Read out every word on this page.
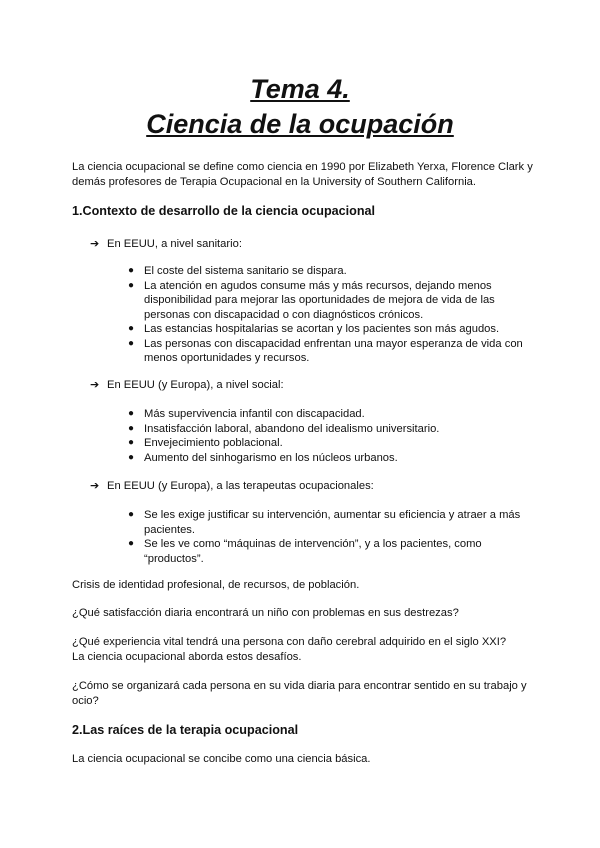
Tema 4.
Ciencia de la ocupación

La ciencia ocupacional se define como ciencia en 1990 por Elizabeth Yerxa, Florence Clark y demás profesores de Terapia Ocupacional en la University of Southern California.

1.Contexto de desarrollo de la ciencia ocupacional

➔ En EEUU, a nivel sanitario:

● El coste del sistema sanitario se dispara.
● La atención en agudos consume más y más recursos, dejando menos disponibilidad para mejorar las oportunidades de mejora de vida de las personas con discapacidad o con diagnósticos crónicos.
● Las estancias hospitalarias se acortan y los pacientes son más agudos.
● Las personas con discapacidad enfrentan una mayor esperanza de vida con menos oportunidades y recursos.

➔ En EEUU (y Europa), a nivel social:

● Más supervivencia infantil con discapacidad.
● Insatisfacción laboral, abandono del idealismo universitario.
● Envejecimiento poblacional.
● Aumento del sinhogarismo en los núcleos urbanos.

➔ En EEUU (y Europa), a las terapeutas ocupacionales:

● Se les exige justificar su intervención, aumentar su eficiencia y atraer a más pacientes.
● Se les ve como “máquinas de intervención”, y a los pacientes, como “productos”.

Crisis de identidad profesional, de recursos, de población.

¿Qué satisfacción diaria encontrará un niño con problemas en sus destrezas?

¿Qué experiencia vital tendrá una persona con daño cerebral adquirido en el siglo XXI?

La ciencia ocupacional aborda estos desafíos.

¿Cómo se organizará cada persona en su vida diaria para encontrar sentido en su trabajo y ocio?

2.Las raíces de la terapia ocupacional

La ciencia ocupacional se concibe como una ciencia básica.
